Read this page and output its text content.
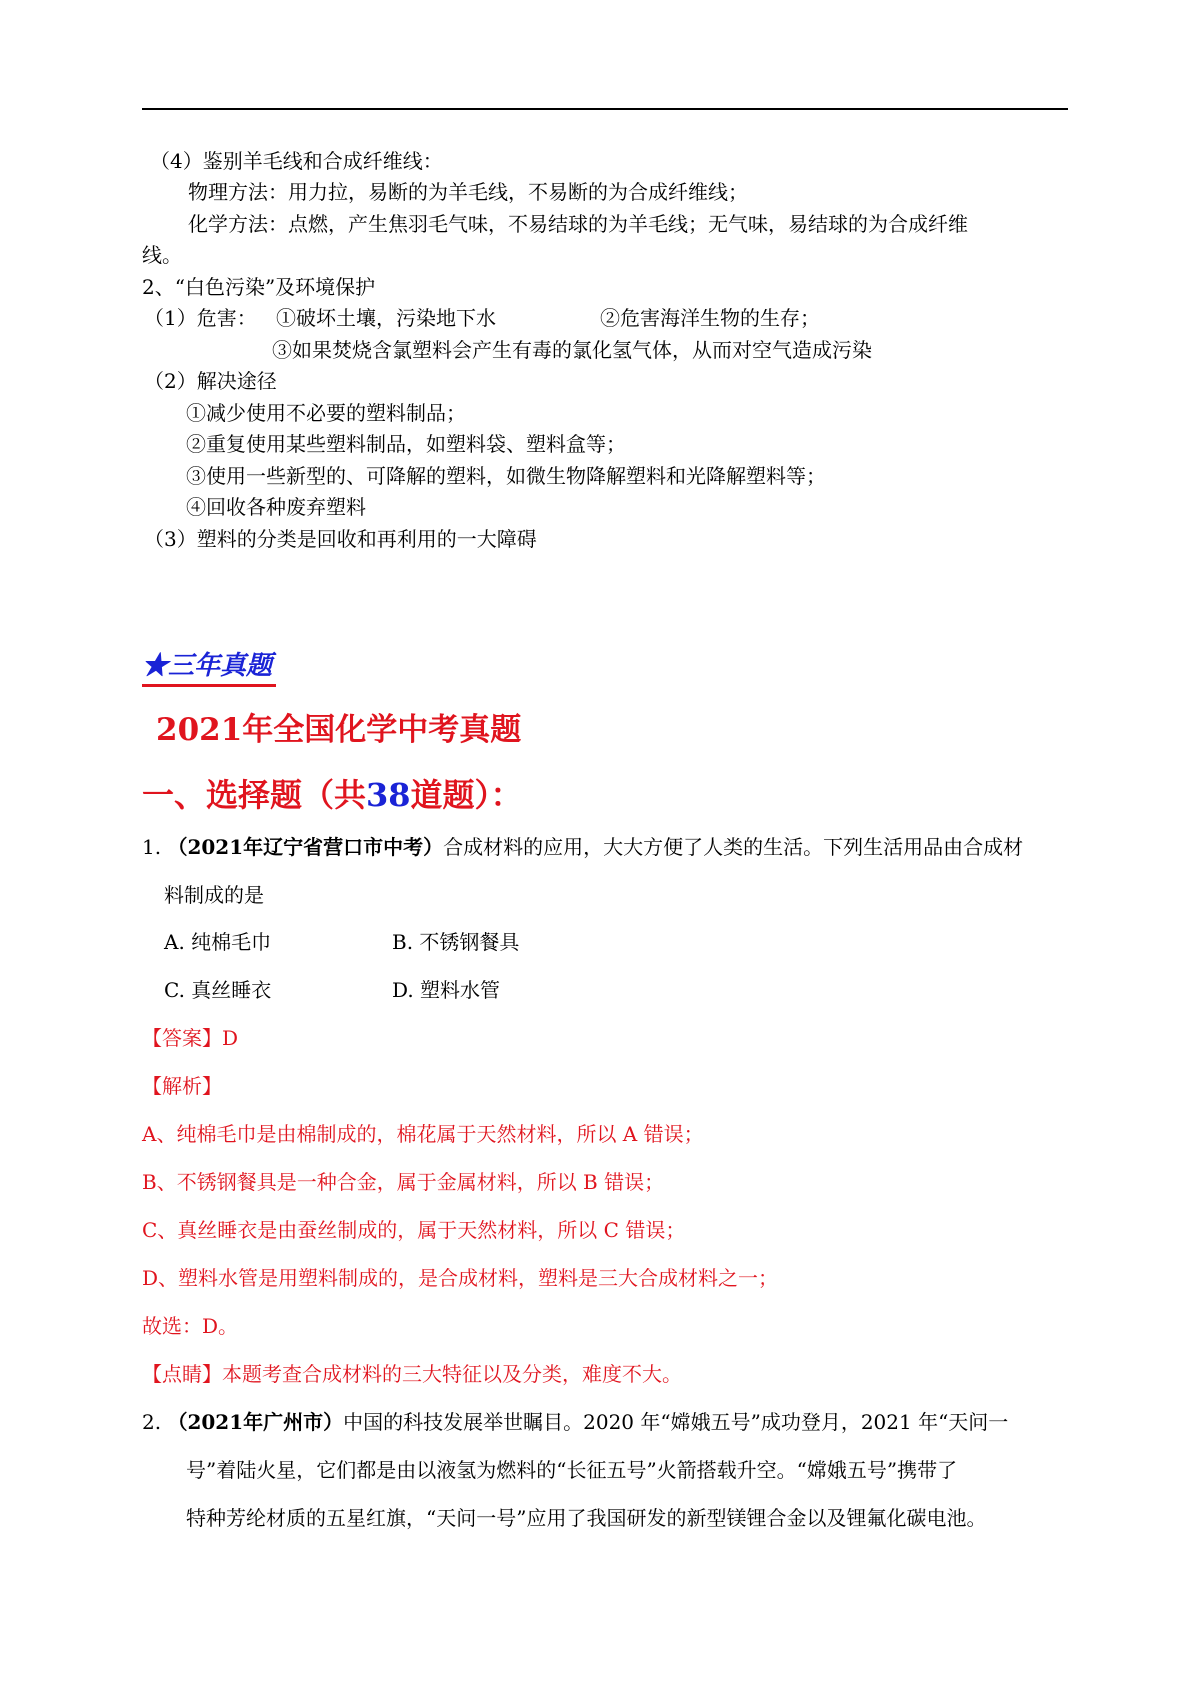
（4）鉴别羊毛线和合成纤维线：
物理方法：用力拉，易断的为羊毛线，不易断的为合成纤维线；
化学方法：点燃，产生焦羽毛气味，不易结球的为羊毛线；无气味，易结球的为合成纤维
线。
2、“白色污染”及环境保护
（1）危害： ①破坏土壤，污染地下水	②危害海洋生物的生存；
③如果焚烧含氯塑料会产生有毒的氯化氢气体，从而对空气造成污染
（2）解决途径
①减少使用不必要的塑料制品；
②重复使用某些塑料制品，如塑料袋、塑料盒等；
③使用一些新型的、可降解的塑料，如微生物降解塑料和光降解塑料等；
④回收各种废弃塑料
（3）塑料的分类是回收和再利用的一大障碍
★三年真题
2021年全国化学中考真题
一、选择题（共38道题）：
1. （2021年辽宁省营口市中考）合成材料的应用，大大方便了人类的生活。下列生活用品由合成材
料制成的是
A. 纯棉毛巾	B. 不锈钢餐具
C. 真丝睡衣	D. 塑料水管
【答案】D
【解析】
A、纯棉毛巾是由棉制成的，棉花属于天然材料，所以 A 错误；
B、不锈钢餐具是一种合金，属于金属材料，所以 B 错误；
C、真丝睡衣是由蚕丝制成的，属于天然材料，所以 C 错误；
D、塑料水管是用塑料制成的，是合成材料，塑料是三大合成材料之一；
故选：D。
【点睛】本题考查合成材料的三大特征以及分类，难度不大。
2. （2021年广州市）中国的科技发展举世瞩目。2020 年“嫦娥五号”成功登月，2021 年“天问一
号”着陆火星，它们都是由以液氢为燃料的“长征五号”火箭搭载升空。“嫦娥五号”携带了
特种芳纶材质的五星红旗，“天问一号”应用了我国研发的新型镁锂合金以及锂氟化碳电池。
